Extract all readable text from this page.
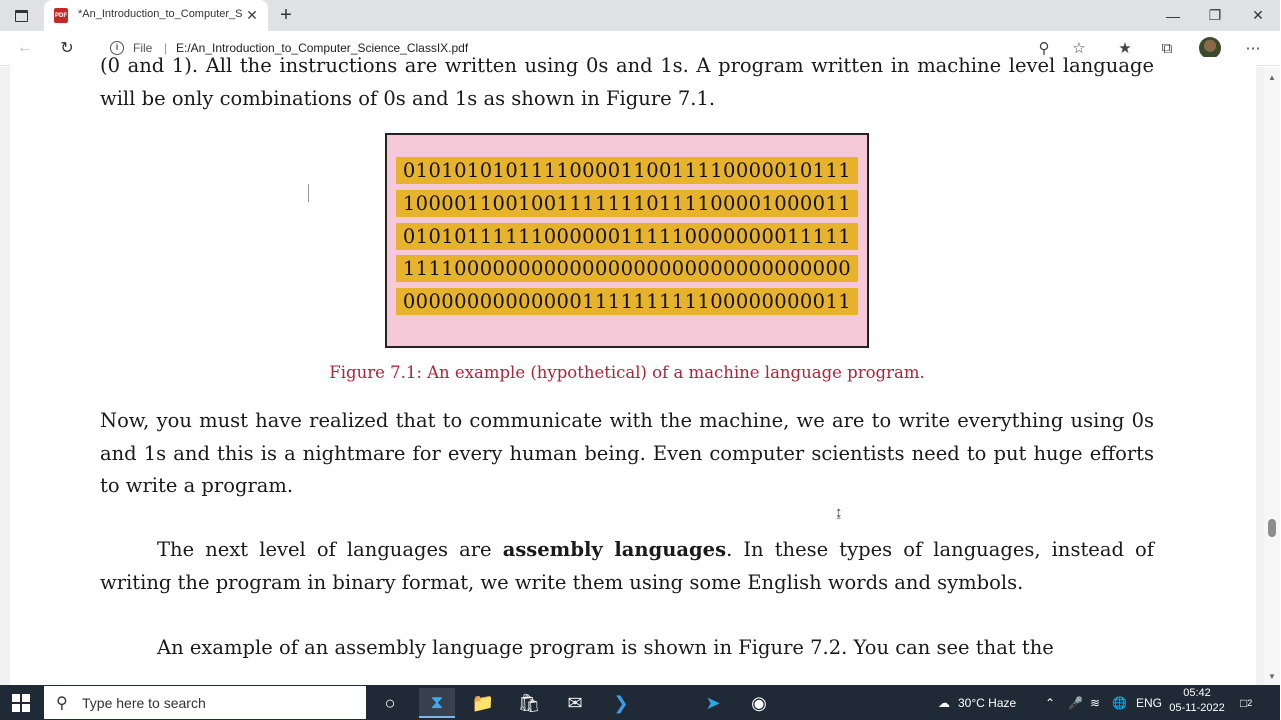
PDF *An_Introduction_to_Computer_S ✕ +	—	❐	✕
←	↻	i	File | E:/An_Introduction_to_Computer_Science_ClassIX.pdf	⚲	☆	★	⧉	⋯
(0 and 1). All the instructions are written using 0s and 1s. A program written in machine level language will be only combinations of 0s and 1s as shown in Figure 7.1.
01010101011110000110011110000010111
10000110010011111110111100001000011
01010111111000000111110000000011111
11110000000000000000000000000000000
00000000000000111111111100000000011
Figure 7.1: An example (hypothetical) of a machine language program.
Now, you must have realized that to communicate with the machine, we are to write everything using 0s and 1s and this is a nightmare for every human being. Even computer scientists need to put huge efforts to write a program.
The next level of languages are assembly languages. In these types of languages, instead of writing the program in binary format, we write them using some English words and symbols.
An example of an assembly language program is shown in Figure 7.2. You can see that the
↨
▲
▼
⚲ Type here to search	○	⧗	📁	🛍	✉	❯	➤	◉	☁ 30°C Haze ⌃ 🎤 ≋ 🌐 ENG
05:42
05-11-2022	□ 2
